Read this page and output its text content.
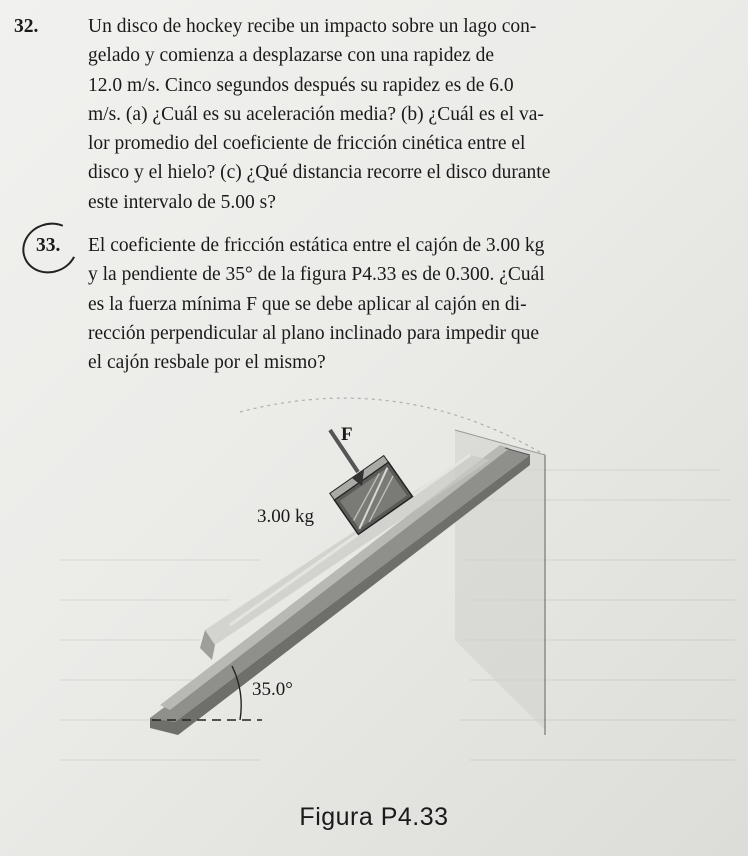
32.	Un disco de hockey recibe un impacto sobre un lago con-
gelado y comienza a desplazarse con una rapidez de
12.0 m/s. Cinco segundos después su rapidez es de 6.0
m/s. (a) ¿Cuál es su aceleración media? (b) ¿Cuál es el va-
lor promedio del coeficiente de fricción cinética entre el
disco y el hielo? (c) ¿Qué distancia recorre el disco durante
este intervalo de 5.00 s?
33.	El coeficiente de fricción estática entre el cajón de 3.00 kg
y la pendiente de 35° de la figura P4.33 es de 0.300. ¿Cuál
es la fuerza mínima F que se debe aplicar al cajón en di-
rección perpendicular al plano inclinado para impedir que
el cajón resbale por el mismo?
F
3.00 kg
35.0°
Figura P4.33
